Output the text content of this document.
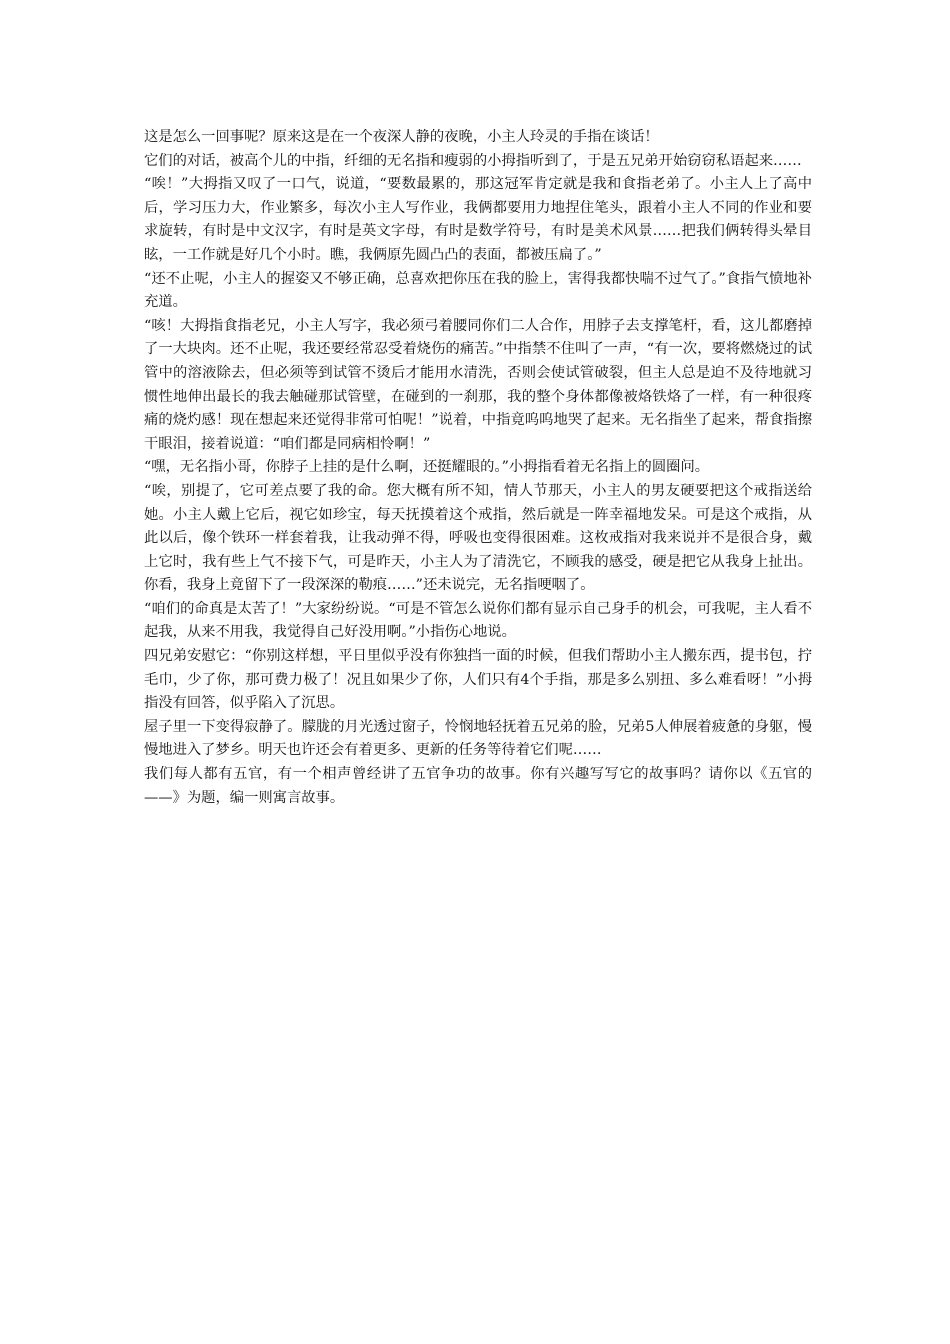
这是怎么一回事呢？原来这是在一个夜深人静的夜晚，小主人玲灵的手指在谈话！

它们的对话，被高个儿的中指，纤细的无名指和瘦弱的小拇指听到了，于是五兄弟开始窃窃私语起来……

“唉！”大拇指又叹了一口气，说道，“要数最累的，那这冠军肯定就是我和食指老弟了。小主人上了高中后，学习压力大，作业繁多，每次小主人写作业，我俩都要用力地捏住笔头，跟着小主人不同的作业和要求旋转，有时是中文汉字，有时是英文字母，有时是数学符号，有时是美术风景……把我们俩转得头晕目眩，一工作就是好几个小时。瞧，我俩原先圆凸凸的表面，都被压扁了。”

“还不止呢，小主人的握姿又不够正确，总喜欢把你压在我的脸上，害得我都快喘不过气了。”食指气愤地补充道。

“咳！大拇指食指老兄，小主人写字，我必须弓着腰同你们二人合作，用脖子去支撑笔杆，看，这儿都磨掉了一大块肉。还不止呢，我还要经常忍受着烧伤的痛苦。”中指禁不住叫了一声，“有一次，要将燃烧过的试管中的溶液除去，但必须等到试管不烫后才能用水清洗，否则会使试管破裂，但主人总是迫不及待地就习惯性地伸出最长的我去触碰那试管壁，在碰到的一刹那，我的整个身体都像被烙铁烙了一样，有一种很疼痛的烧灼感！现在想起来还觉得非常可怕呢！”说着，中指竟呜呜地哭了起来。无名指坐了起来，帮食指擦干眼泪，接着说道：“咱们都是同病相怜啊！”

“嘿，无名指小哥，你脖子上挂的是什么啊，还挺耀眼的。”小拇指看着无名指上的圆圈问。

“唉，别提了，它可差点要了我的命。您大概有所不知，情人节那天，小主人的男友硬要把这个戒指送给她。小主人戴上它后，视它如珍宝，每天抚摸着这个戒指，然后就是一阵幸福地发呆。可是这个戒指，从此以后，像个铁环一样套着我，让我动弹不得，呼吸也变得很困难。这枚戒指对我来说并不是很合身，戴上它时，我有些上气不接下气，可是昨天，小主人为了清洗它，不顾我的感受，硬是把它从我身上扯出。你看，我身上竟留下了一段深深的勒痕……”还未说完，无名指哽咽了。

“咱们的命真是太苦了！”大家纷纷说。“可是不管怎么说你们都有显示自己身手的机会，可我呢，主人看不起我，从来不用我，我觉得自己好没用啊。”小指伤心地说。

四兄弟安慰它：“你别这样想，平日里似乎没有你独挡一面的时候，但我们帮助小主人搬东西，提书包，拧毛巾，少了你，那可费力极了！况且如果少了你，人们只有4个手指，那是多么别扭、多么难看呀！”小拇指没有回答，似乎陷入了沉思。

屋子里一下变得寂静了。朦胧的月光透过窗子，怜悯地轻抚着五兄弟的脸，兄弟5人伸展着疲惫的身躯，慢慢地进入了梦乡。明天也许还会有着更多、更新的任务等待着它们呢……

我们每人都有五官，有一个相声曾经讲了五官争功的故事。你有兴趣写写它的故事吗？请你以《五官的——》为题，编一则寓言故事。
